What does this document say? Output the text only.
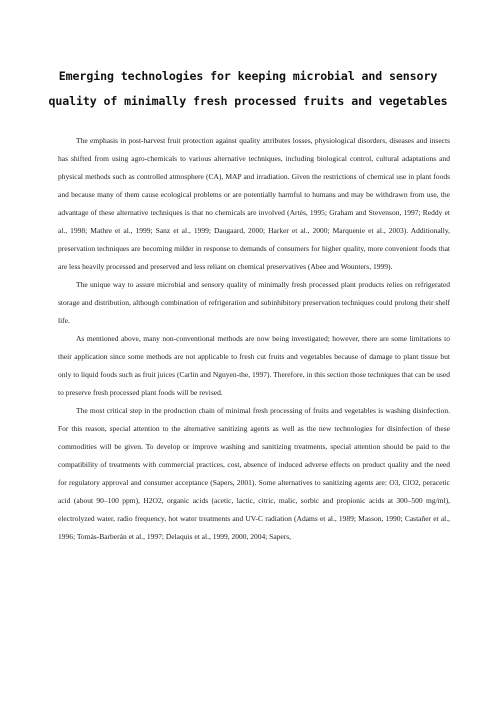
Emerging technologies for keeping microbial and sensory
quality of minimally fresh processed fruits and vegetables

The emphasis in post-harvest fruit protection against quality attributes losses, physiological disorders, diseases and insects has shifted from using agro-chemicals to various alternative techniques, including biological control, cultural adaptations and physical methods such as controlled atmosphere (CA), MAP and irradiation. Given the restrictions of chemical use in plant foods and because many of them cause ecological problems or are potentially harmful to humans and may be withdrawn from use, the advantage of these alternative techniques is that no chemicals are involved (Artés, 1995; Graham and Stevenson, 1997; Reddy et al., 1998; Mathre et al., 1999; Sanz et al., 1999; Daugaard, 2000; Harker et al., 2000; Marquenie et al., 2003). Additionally, preservation techniques are becoming milder in response to demands of consumers for higher quality, more convenient foods that are less heavily processed and preserved and less reliant on chemical preservatives (Abee and Wounters, 1999).

The unique way to assure microbial and sensory quality of minimally fresh processed plant products relies on refrigerated storage and distribution, although combination of refrigeration and subinhibitory preservation techniques could prolong their shelf life.

As mentioned above, many non-conventional methods are now being investigated; however, there are some limitations to their application since some methods are not applicable to fresh cut fruits and vegetables because of damage to plant tissue but only to liquid foods such as fruit juices (Carlin and Nguyen-the, 1997). Therefore, in this section those techniques that can be used to preserve fresh processed plant foods will be revised.

The most critical step in the production chain of minimal fresh processing of fruits and vegetables is washing disinfection. For this reason, special attention to the alternative sanitizing agents as well as the new technologies for disinfection of these commodities will be given. To develop or improve washing and sanitizing treatments, special attention should be paid to the compatibility of treatments with commercial practices, cost, absence of induced adverse effects on product quality and the need for regulatory approval and consumer acceptance (Sapers, 2001). Some alternatives to sanitizing agents are: O3, ClO2, peracetic acid (about 90–100 ppm), H2O2, organic acids (acetic, lactic, citric, malic, sorbic and propionic acids at 300–500 mg/ml), electrolyzed water, radio frequency, hot water treatments and UV-C radiation (Adams et al., 1989; Masson, 1990; Castañer et al., 1996; Tomás-Barberán et al., 1997; Delaquis et al., 1999, 2000, 2004; Sapers,
